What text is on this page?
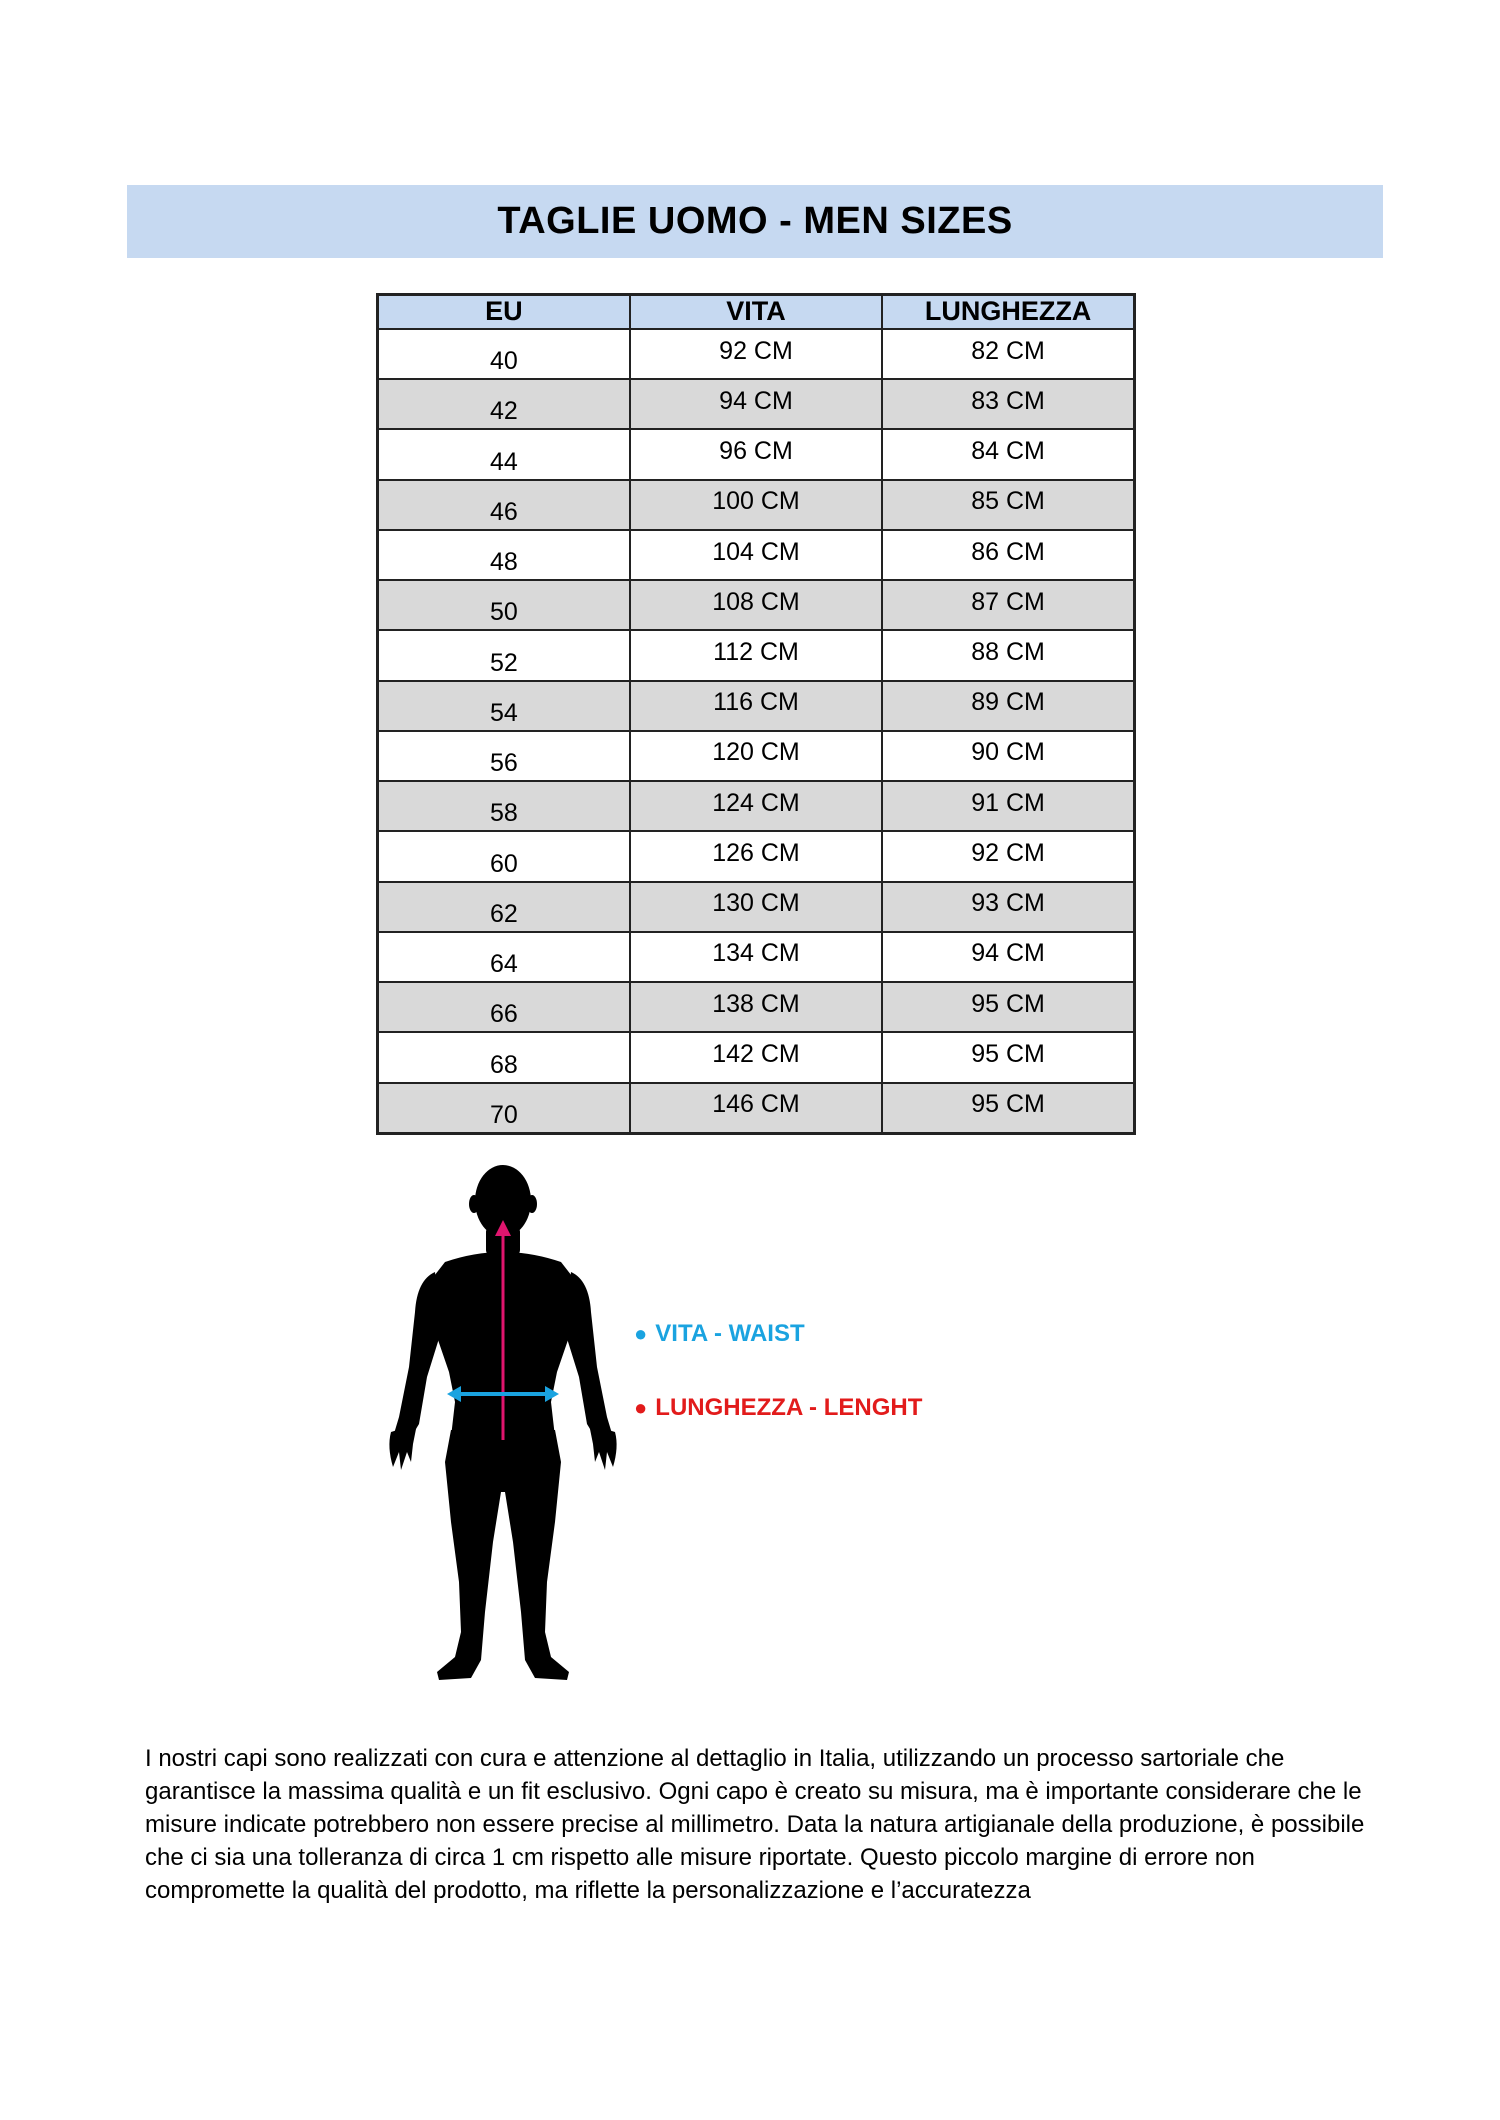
TAGLIE UOMO - MEN SIZES
EU	VITA	LUNGHEZZA
40	92 CM	82 CM
42	94 CM	83 CM
44	96 CM	84 CM
46	100 CM	85 CM
48	104 CM	86 CM
50	108 CM	87 CM
52	112 CM	88 CM
54	116 CM	89 CM
56	120 CM	90 CM
58	124 CM	91 CM
60	126 CM	92 CM
62	130 CM	93 CM
64	134 CM	94 CM
66	138 CM	95 CM
68	142 CM	95 CM
70	146 CM	95 CM
● VITA - WAIST
● LUNGHEZZA - LENGHT

I nostri capi sono realizzati con cura e attenzione al dettaglio in Italia, utilizzando un processo sartoriale che garantisce la massima qualità e un fit esclusivo. Ogni capo è creato su misura, ma è importante considerare che le misure indicate potrebbero non essere precise al millimetro. Data la natura artigianale della produzione, è possibile che ci sia una tolleranza di circa 1 cm rispetto alle misure riportate. Questo piccolo margine di errore non compromette la qualità del prodotto, ma riflette la personalizzazione e l’accuratezza
